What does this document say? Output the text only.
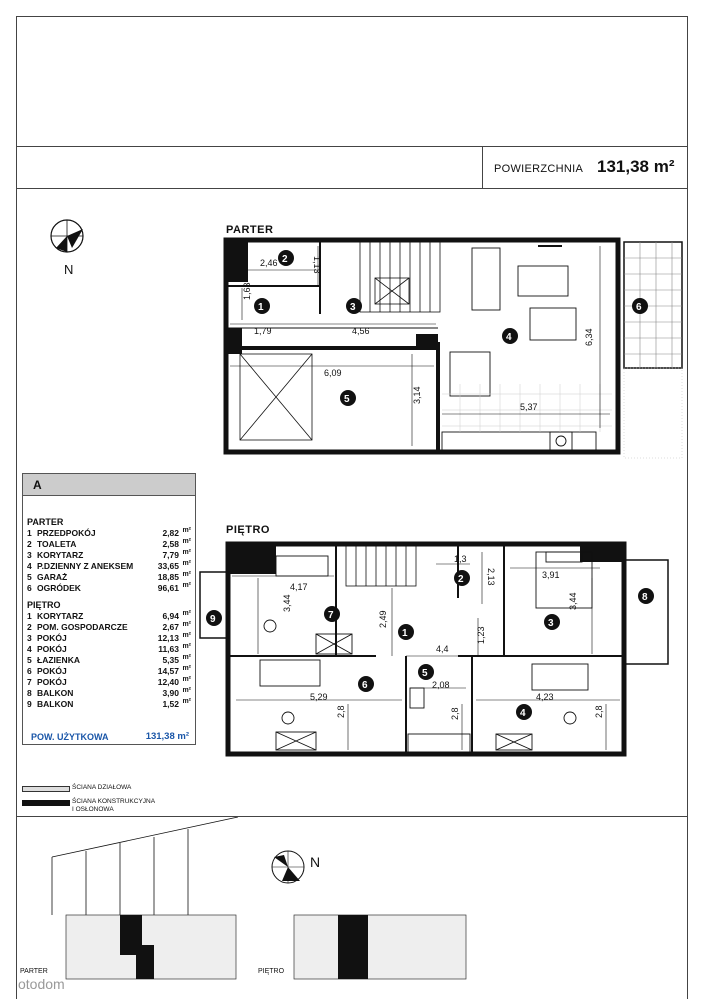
POWIERZCHNIA 131,38 m²
N
PARTER
2,46	1,13
1,63
1,79	4,56
6,09
3,14
6,34
5,37
2
1	3
4
5
6
A
PARTER
1 PRZEDPOKÓJ	2,82 m²
2 TOALETA	2,58 m²
3 KORYTARZ	7,79 m²
4 P.DZIENNY Z ANEKSEM	33,65 m²
5 GARAŻ	18,85 m²
6 OGRÓDEK	96,61 m²
PIĘTRO
1 KORYTARZ	6,94 m²
2 POM. GOSPODARCZE	2,67 m²
3 POKÓJ	12,13 m²
4 POKÓJ	11,63 m²
5 ŁAZIENKA	5,35 m²
6 POKÓJ	14,57 m²
7 POKÓJ	12,40 m²
8 BALKON	3,90 m²
9 BALKON	1,52 m²
POW. UŻYTKOWA	131,38 m²
PIĘTRO
4,17
1,3
2,13	3,91
3,44
2,49
1,23
4,4
3,44
2,08
5,29
2,8	2,8
4,23
2,8
1
2
3
4
5
6
7
8
9
ŚCIANA DZIAŁOWA
ŚCIANA KONSTRUKCYJNA
I OSŁONOWA
N
PARTER	PIĘTRO
otodom
